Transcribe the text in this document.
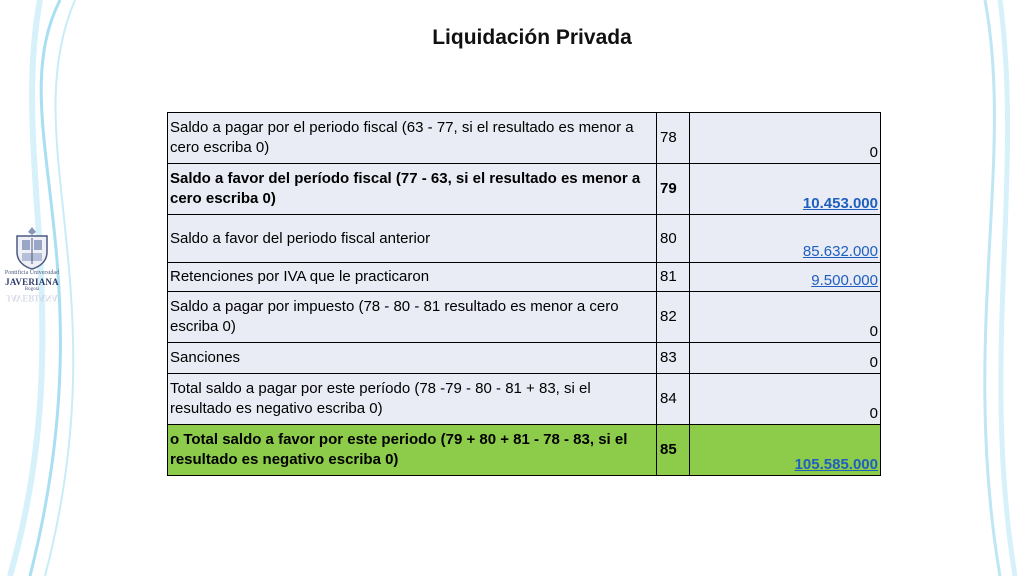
Pontificia Universidad
JAVERIANA
Bogotá
JAVERIANA
Liquidación Privada
Saldo a pagar por el periodo fiscal (63 - 77, si el resultado es menor a cero escriba 0)	78	0
Saldo a favor del período fiscal (77 - 63, si el resultado es menor a cero escriba 0)	79	10.453.000
Saldo a favor del periodo fiscal anterior	80	85.632.000
Retenciones por IVA que le practicaron	81	9.500.000
Saldo a pagar por impuesto (78 - 80 - 81 resultado es menor a cero escriba 0)	82	0
Sanciones	83	0
Total saldo a pagar por este período (78 -79 - 80 - 81 + 83, si el resultado es negativo escriba 0)	84	0
o Total saldo a favor por este periodo (79 + 80 + 81 - 78 - 83, si el resultado es negativo escriba 0)	85	105.585.000
